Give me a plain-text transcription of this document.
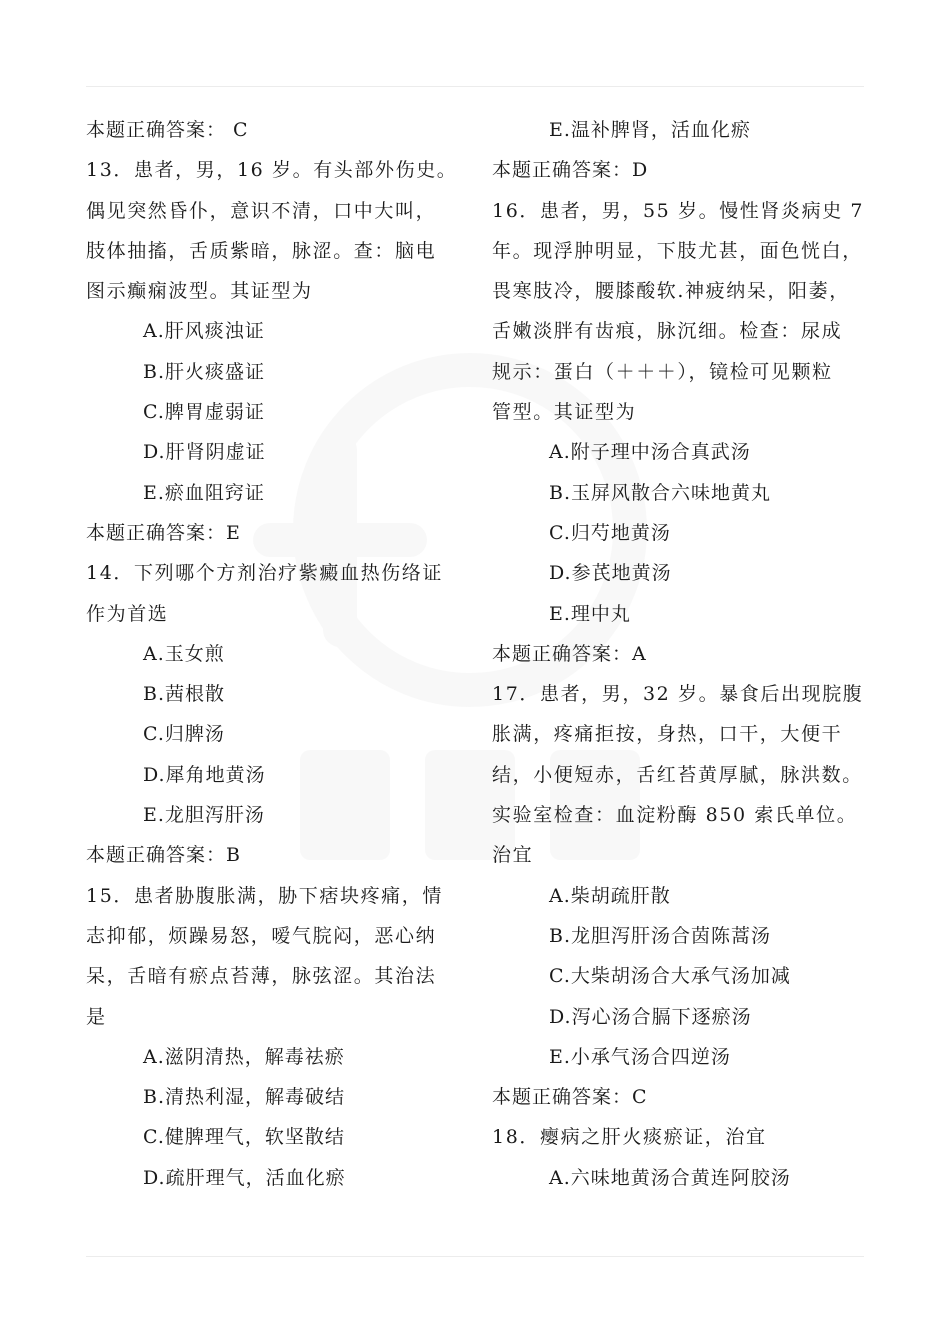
本题正确答案： C
13．患者，男，16 岁。有头部外伤史。
偶见突然昏仆，意识不清，口中大叫，
肢体抽搐，舌质紫暗，脉涩。查：脑电
图示癫痫波型。其证型为
A.肝风痰浊证
B.肝火痰盛证
C.脾胃虚弱证
D.肝肾阴虚证
E.瘀血阻窍证
本题正确答案：E
14．下列哪个方剂治疗紫癜血热伤络证
作为首选
A.玉女煎
B.茜根散
C.归脾汤
D.犀角地黄汤
E.龙胆泻肝汤
本题正确答案：B
15．患者胁腹胀满，胁下痞块疼痛，情
志抑郁，烦躁易怒，嗳气脘闷，恶心纳
呆，舌暗有瘀点苔薄，脉弦涩。其治法
是
A.滋阴清热，解毒祛瘀
B.清热利湿，解毒破结
C.健脾理气，软坚散结
D.疏肝理气，活血化瘀
E.温补脾肾，活血化瘀
本题正确答案：D
16．患者，男，55 岁。慢性肾炎病史 7
年。现浮肿明显，下肢尤甚，面色恍白，
畏寒肢冷，腰膝酸软.神疲纳呆，阳萎，
舌嫩淡胖有齿痕，脉沉细。检查：尿成
规示：蛋白（＋＋＋），镜检可见颗粒
管型。其证型为
A.附子理中汤合真武汤
B.玉屏风散合六味地黄丸
C.归芍地黄汤
D.参芪地黄汤
E.理中丸
本题正确答案：A
17．患者，男，32 岁。暴食后出现脘腹
胀满，疼痛拒按，身热，口干，大便干
结，小便短赤，舌红苔黄厚腻，脉洪数。
实验室检查：血淀粉酶 850 索氏单位。
治宜
A.柴胡疏肝散
B.龙胆泻肝汤合茵陈蒿汤
C.大柴胡汤合大承气汤加减
D.泻心汤合膈下逐瘀汤
E.小承气汤合四逆汤
本题正确答案：C
18．瘿病之肝火痰瘀证，治宜
A.六味地黄汤合黄连阿胶汤
